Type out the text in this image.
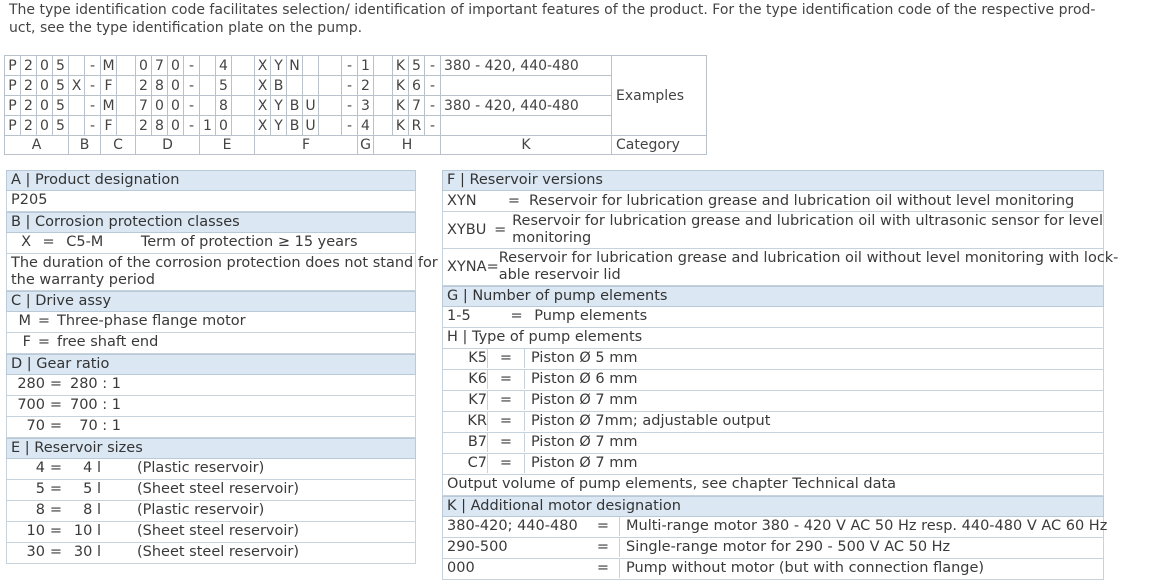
The type identification code facilitates selection/ identification of important features of the product. For the type identification code of the respective prod-
uct, see the type identification plate on the pump.
P	2	0	5		-	M		0	7	0	-		4		X	Y	N			-	1		K	5	-	380 - 420, 440-480	Examples
P	2	0	5	X	-	F		2	8	0	-		5		X	B				-	2		K	6	-		
P	2	0	5		-	M		7	0	0	-		8		X	Y	B	U		-	3		K	7	-	380 - 420, 440-480	
P	2	0	5		-	F		2	8	0	-	1	0		X	Y	B	U		-	4		K	R	-		
A				B		C		D				E			F						G	H				K	Category
A | Product designation
P205
B | Corrosion protection classes
X = C5-M	Term of protection ≥ 15 years
The duration of the corrosion protection does not stand for
the warranty period
C | Drive assy
M = Three-phase flange motor
F = free shaft end
D | Gear ratio
280 = 280 : 1
700 = 700 : 1
70 = 70 : 1
E | Reservoir sizes
4 = 4 l (Plastic reservoir)
5 = 5 l (Sheet steel reservoir)
8 = 8 l (Plastic reservoir)
10 = 10 l (Sheet steel reservoir)
30 = 30 l (Sheet steel reservoir)
F | Reservoir versions
XYN	= Reservoir for lubrication grease and lubrication oil without level monitoring
XYBU =
Reservoir for lubrication grease and lubrication oil with ultrasonic sensor for level
monitoring
XYNA =
Reservoir for lubrication grease and lubrication oil without level monitoring with lock-
able reservoir lid
G | Number of pump elements
1-5	= Pump elements
H | Type of pump elements
K5 = Piston Ø 5 mm
K6 = Piston Ø 6 mm
K7 = Piston Ø 7 mm
KR = Piston Ø 7mm; adjustable output
B7 = Piston Ø 7 mm
C7 = Piston Ø 7 mm
Output volume of pump elements, see chapter Technical data
K | Additional motor designation
380-420; 440-480 = Multi-range motor 380 - 420 V AC 50 Hz resp. 440-480 V AC 60 Hz
290-500	= Single-range motor for 290 - 500 V AC 50 Hz
000	= Pump without motor (but with connection flange)
